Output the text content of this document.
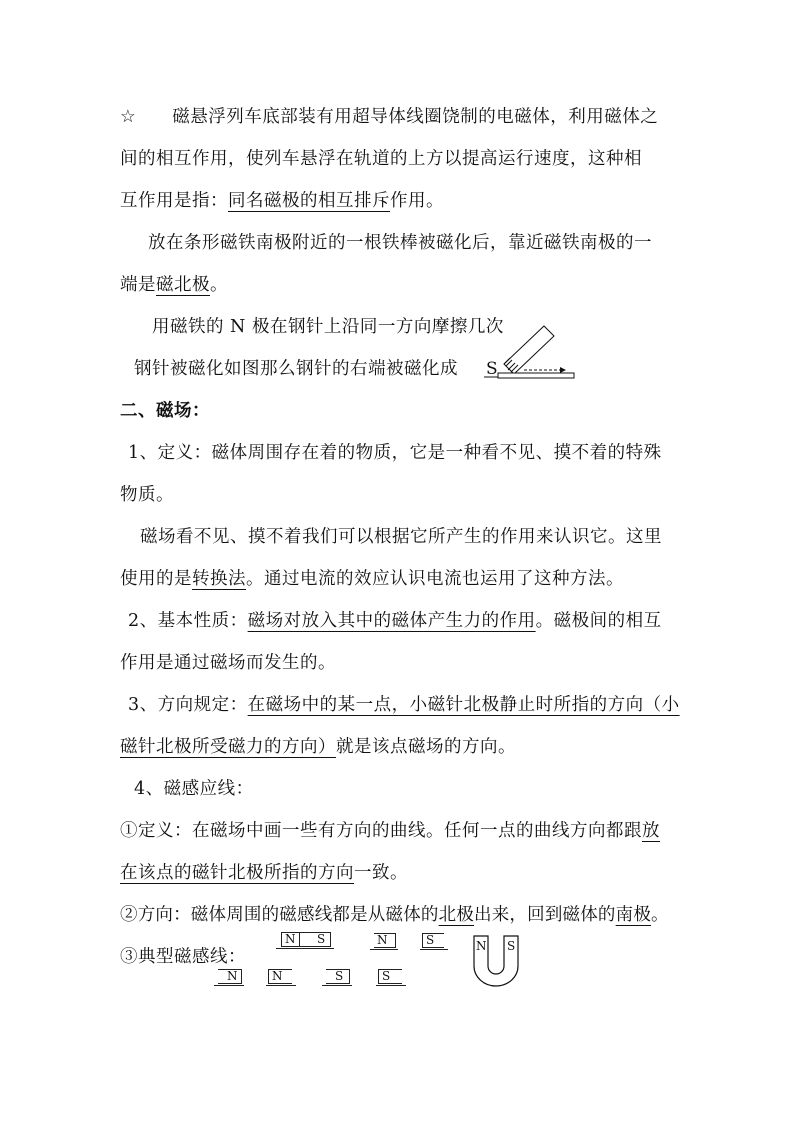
☆ 磁悬浮列车底部装有用超导体线圈饶制的电磁体，利用磁体之

间的相互作用，使列车悬浮在轨道的上方以提高运行速度，这种相

互作用是指：同名磁极的相互排斥作用。

放在条形磁铁南极附近的一根铁棒被磁化后，靠近磁铁南极的一

端是磁北极。

用磁铁的 N 极在钢针上沿同一方向摩擦几次

钢针被磁化如图那么钢针的右端被磁化成	S

二、磁场：

1、定义：磁体周围存在着的物质，它是一种看不见、摸不着的特殊

物质。

磁场看不见、摸不着我们可以根据它所产生的作用来认识它。这里

使用的是转换法。通过电流的效应认识电流也运用了这种方法。

2、基本性质：磁场对放入其中的磁体产生力的作用。磁极间的相互

作用是通过磁场而发生的。

3、方向规定：在磁场中的某一点，小磁针北极静止时所指的方向（小

磁针北极所受磁力的方向）就是该点磁场的方向。

4、磁感应线：

①定义：在磁场中画一些有方向的曲线。任何一点的曲线方向都跟放

在该点的磁针北极所指的方向一致。

②方向：磁体周围的磁感线都是从磁体的北极出来，回到磁体的南极。

③典型磁感线：

N S	N	S
N	N	S	S
N S
